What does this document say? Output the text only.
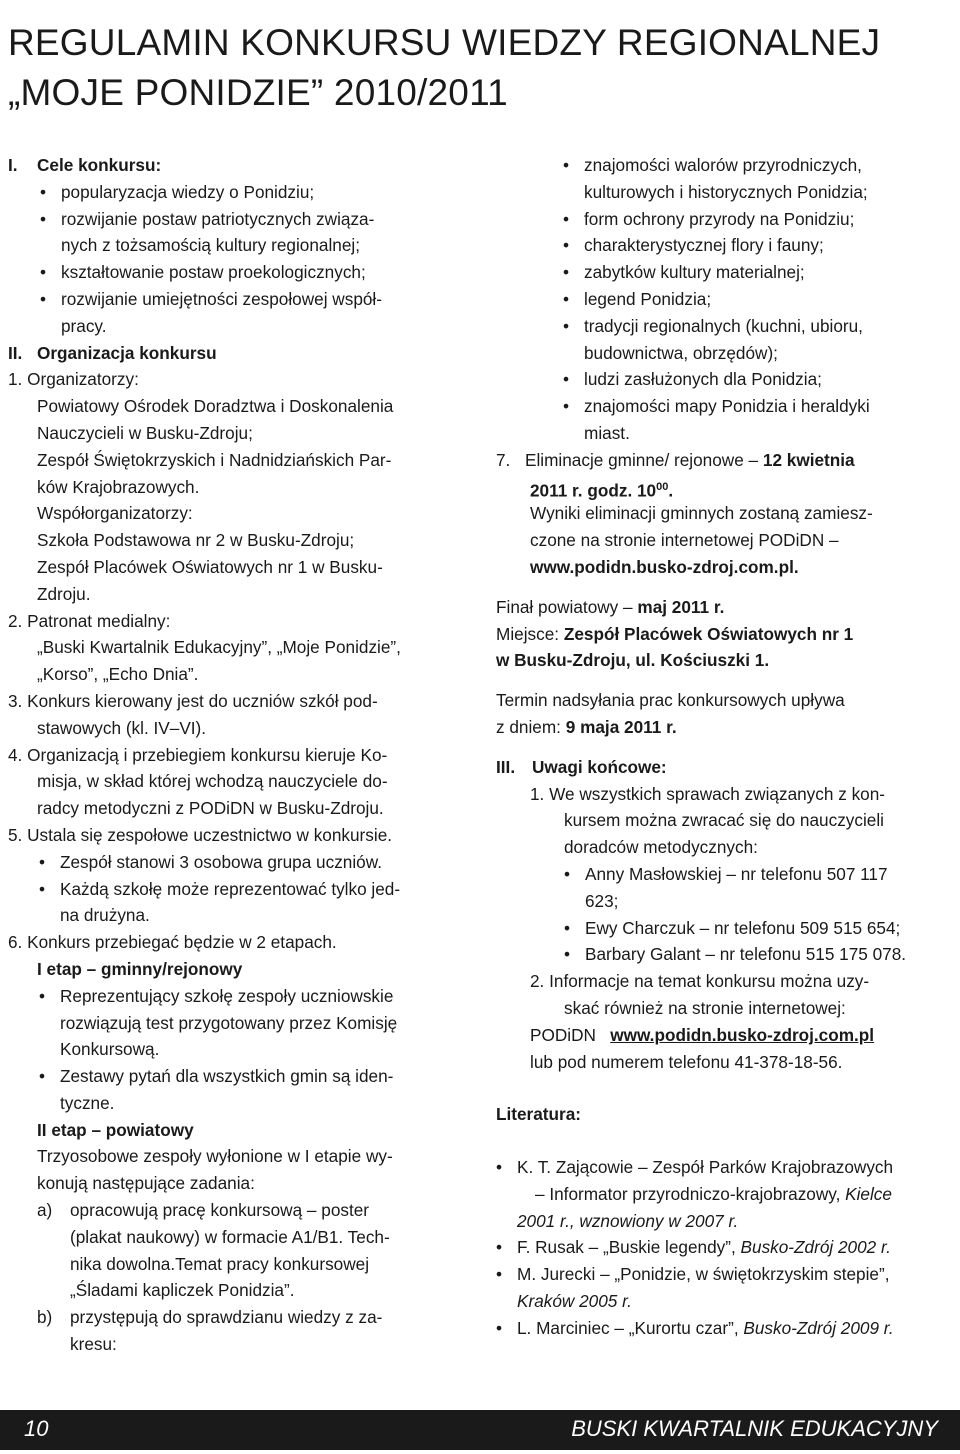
REGULAMIN KONKURSU WIEDZY REGIONALNEJ
„MOJE PONIDZIE” 2010/2011
I. Cele konkursu:
• popularyzacja wiedzy o Ponidziu;
• rozwijanie postaw patriotycznych związa-
nych z tożsamością kultury regionalnej;
• kształtowanie postaw proekologicznych;
• rozwijanie umiejętności zespołowej współ-
pracy.
II. Organizacja konkursu
1. Organizatorzy:
Powiatowy Ośrodek Doradztwa i Doskonalenia
Nauczycieli w Busku-Zdroju;
Zespół Świętokrzyskich i Nadnidziańskich Par-
ków Krajobrazowych.
Współorganizatorzy:
Szkoła Podstawowa nr 2 w Busku-Zdroju;
Zespół Placówek Oświatowych nr 1 w Busku-
Zdroju.
2. Patronat medialny:
„Buski Kwartalnik Edukacyjny”, „Moje Ponidzie”,
„Korso”, „Echo Dnia”.
3. Konkurs kierowany jest do uczniów szkół pod-
stawowych (kl. IV–VI).
4. Organizacją i przebiegiem konkursu kieruje Ko-
misja, w skład której wchodzą nauczyciele do-
radcy metodyczni z PODiDN w Busku-Zdroju.
5. Ustala się zespołowe uczestnictwo w konkursie.
• Zespół stanowi 3 osobowa grupa uczniów.
• Każdą szkołę może reprezentować tylko jed-
na drużyna.
6. Konkurs przebiegać będzie w 2 etapach.
I etap – gminny/rejonowy
• Reprezentujący szkołę zespoły uczniowskie
rozwiązują test przygotowany przez Komisję
Konkursową.
• Zestawy pytań dla wszystkich gmin są iden-
tyczne.
II etap – powiatowy
Trzyosobowe zespoły wyłonione w I etapie wy-
konują następujące zadania:
a) opracowują pracę konkursową – poster
(plakat naukowy) w formacie A1/B1. Tech-
nika dowolna.Temat pracy konkursowej
„Śladami kapliczek Ponidzia”.
b) przystępują do sprawdzianu wiedzy z za-
kresu:
• znajomości walorów przyrodniczych,
kulturowych i historycznych Ponidzia;
• form ochrony przyrody na Ponidziu;
• charakterystycznej flory i fauny;
• zabytków kultury materialnej;
• legend Ponidzia;
• tradycji regionalnych (kuchni, ubioru,
budownictwa, obrzędów);
• ludzi zasłużonych dla Ponidzia;
• znajomości mapy Ponidzia i heraldyki
miast.
7. Eliminacje gminne/ rejonowe – 12 kwietnia
2011 r. godz. $10^{00}$.
Wyniki eliminacji gminnych zostaną zamiesz-
czone na stronie internetowej PODiDN –
www.podidn.busko-zdroj.com.pl.
Finał powiatowy – maj 2011 r.
Miejsce: Zespół Placówek Oświatowych nr 1
w Busku-Zdroju, ul. Kościuszki 1.
Termin nadsyłania prac konkursowych upływa
z dniem: 9 maja 2011 r.
III. Uwagi końcowe:
1. We wszystkich sprawach związanych z kon-
kursem można zwracać się do nauczycieli
doradców metodycznych:
• Anny Masłowskiej – nr telefonu 507 117
623;
• Ewy Charczuk – nr telefonu 509 515 654;
• Barbary Galant – nr telefonu 515 175 078.
2. Informacje na temat konkursu można uzy-
skać również na stronie internetowej:
PODiDN www.podidn.busko-zdroj.com.pl
lub pod numerem telefonu 41-378-18-56.
Literatura:
• K. T. Zającowie – Zespół Parków Krajobrazowych
– Informator przyrodniczo-krajobrazowy, Kielce
2001 r., wznowiony w 2007 r.
• F. Rusak – „Buskie legendy”, Busko-Zdrój 2002 r.
• M. Jurecki – „Ponidzie, w świętokrzyskim stepie”,
Kraków 2005 r.
• L. Marciniec – „Kurortu czar”, Busko-Zdrój 2009 r.
10	BUSKI KWARTALNIK EDUKACYJNY
